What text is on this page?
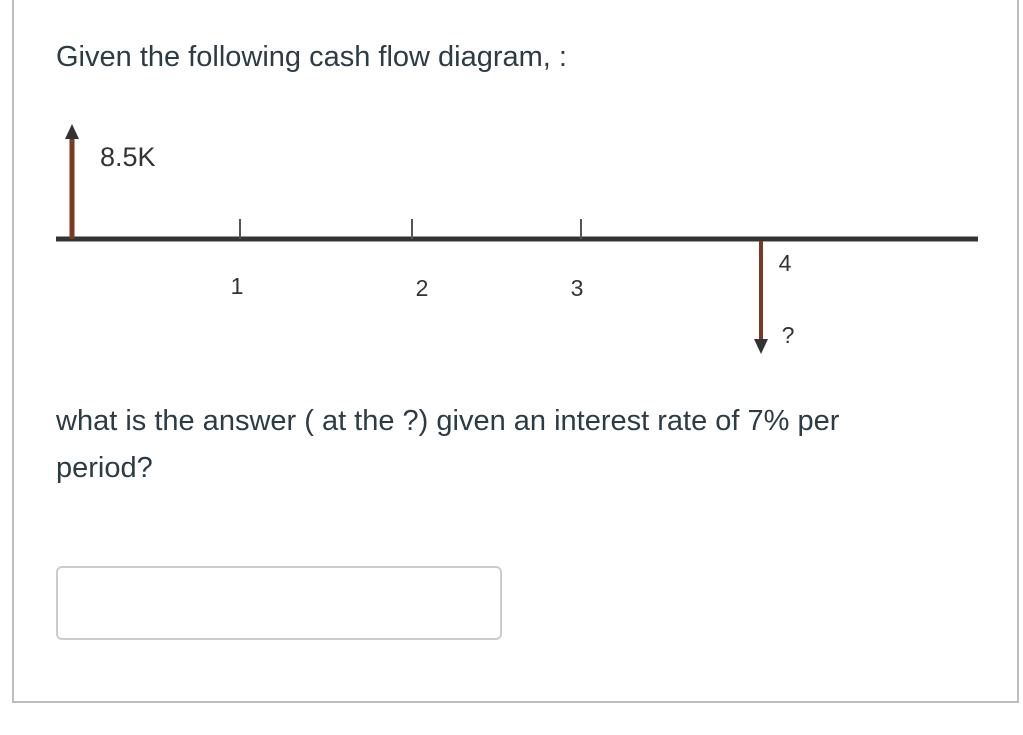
Given the following cash flow diagram, :

1	2	3
4
8.5K
?

what is the answer ( at the ?) given an interest rate of 7% per period?
